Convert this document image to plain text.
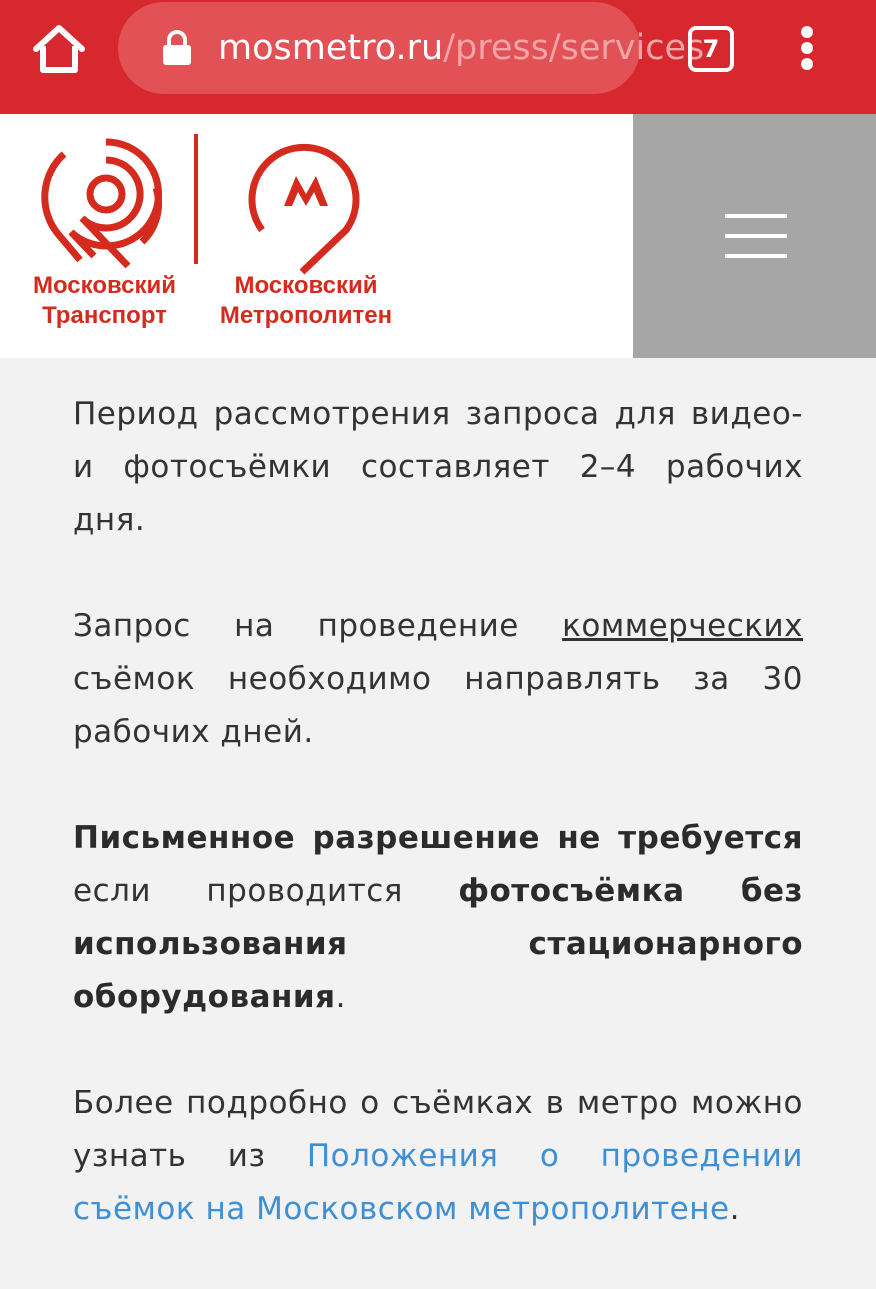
mosmetro.ru/press/services
7
Московский
Транспорт
Московский
Метрополитен

Период рассмотрения запроса для видео- и фотосъёмки составляет 2–4 рабочих дня.

Запрос на проведение коммерческих съёмок необходимо направлять за 30 рабочих дней.

Письменное разрешение не требуется если проводится фотосъёмка без использования стационарного оборудования.

Более подробно о съёмках в метро можно узнать из Положения о проведении съёмок на Московском метрополитене.
